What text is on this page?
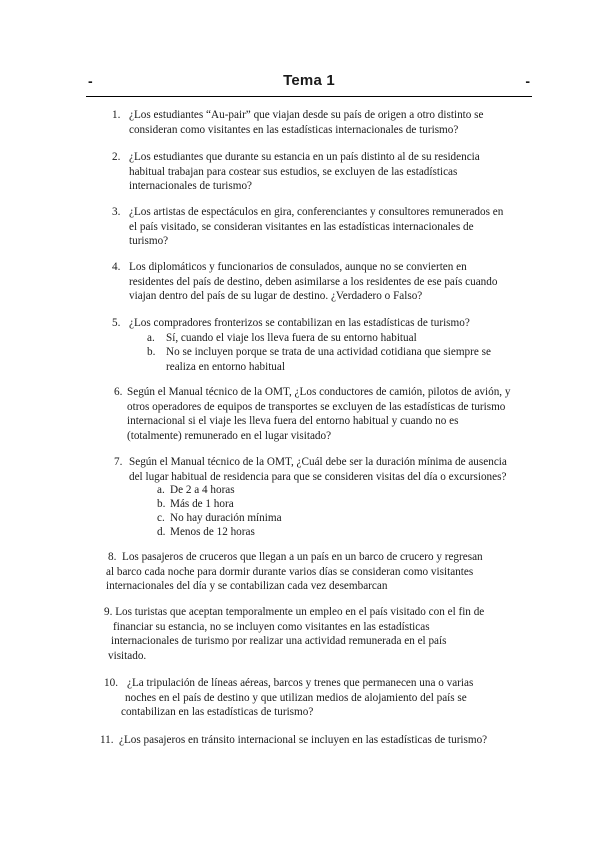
-	Tema 1	-
1. ¿Los estudiantes “Au-pair” que viajan desde su país de origen a otro distinto se
consideran como visitantes en las estadísticas internacionales de turismo?
2. ¿Los estudiantes que durante su estancia en un país distinto al de su residencia
habitual trabajan para costear sus estudios, se excluyen de las estadísticas
internacionales de turismo?
3. ¿Los artistas de espectáculos en gira, conferenciantes y consultores remunerados en
el país visitado, se consideran visitantes en las estadísticas internacionales de
turismo?
4. Los diplomáticos y funcionarios de consulados, aunque no se convierten en
residentes del país de destino, deben asimilarse a los residentes de ese país cuando
viajan dentro del país de su lugar de destino. ¿Verdadero o Falso?
5. ¿Los compradores fronterizos se contabilizan en las estadísticas de turismo?
a. Sí, cuando el viaje los lleva fuera de su entorno habitual
b. No se incluyen porque se trata de una actividad cotidiana que siempre se
realiza en entorno habitual
6. Según el Manual técnico de la OMT, ¿Los conductores de camión, pilotos de avión, y
otros operadores de equipos de transportes se excluyen de las estadísticas de turismo
internacional si el viaje les lleva fuera del entorno habitual y cuando no es
(totalmente) remunerado en el lugar visitado?
7. Según el Manual técnico de la OMT, ¿Cuál debe ser la duración mínima de ausencia
del lugar habitual de residencia para que se consideren visitas del día o excursiones?
a. De 2 a 4 horas
b. Más de 1 hora
c. No hay duración mínima
d. Menos de 12 horas
8. Los pasajeros de cruceros que llegan a un país en un barco de crucero y regresan
al barco cada noche para dormir durante varios días se consideran como visitantes
internacionales del día y se contabilizan cada vez desembarcan
9. Los turistas que aceptan temporalmente un empleo en el país visitado con el fin de
financiar su estancia, no se incluyen como visitantes en las estadísticas
internacionales de turismo por realizar una actividad remunerada en el país
visitado.
10. ¿La tripulación de líneas aéreas, barcos y trenes que permanecen una o varias
noches en el país de destino y que utilizan medios de alojamiento del país se
contabilizan en las estadísticas de turismo?
11. ¿Los pasajeros en tránsito internacional se incluyen en las estadísticas de turismo?
